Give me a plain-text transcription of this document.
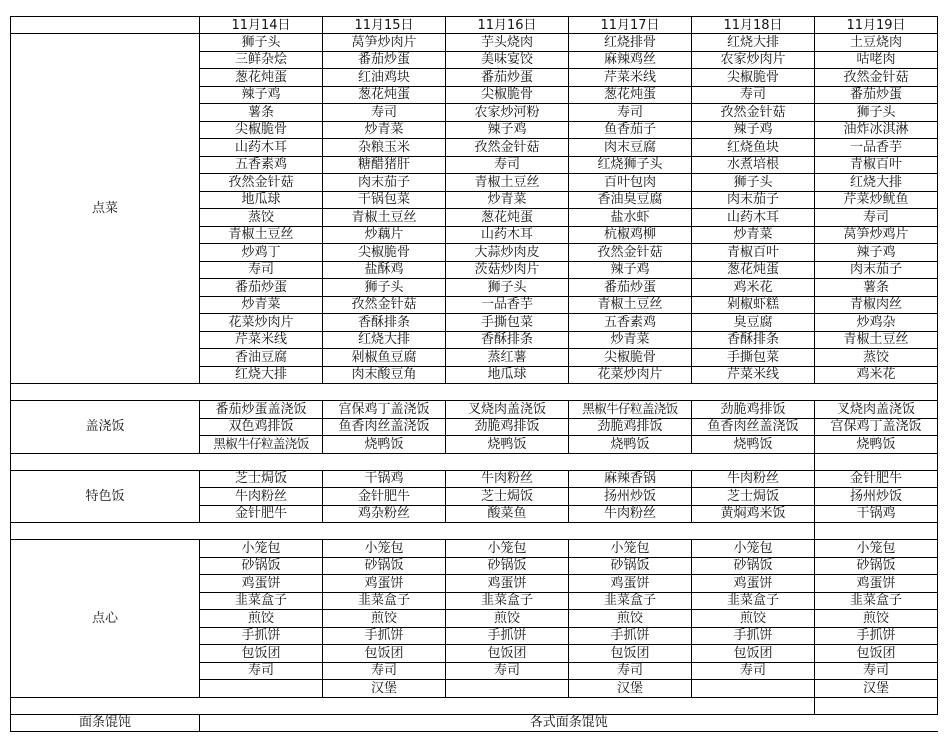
	11月14日	11月15日	11月16日	11月17日	11月18日	11月19日
点菜	狮子头	莴笋炒肉片	芋头烧肉	红烧排骨	红烧大排	土豆烧肉
	三鲜杂烩	番茄炒蛋	美味宴饺	麻辣鸡丝	农家炒肉片	咕咾肉
	葱花炖蛋	红油鸡块	番茄炒蛋	芹菜米线	尖椒脆骨	孜然金针菇
	辣子鸡	葱花炖蛋	尖椒脆骨	葱花炖蛋	寿司	番茄炒蛋
	薯条	寿司	农家炒河粉	寿司	孜然金针菇	狮子头
	尖椒脆骨	炒青菜	辣子鸡	鱼香茄子	辣子鸡	油炸冰淇淋
	山药木耳	杂粮玉米	孜然金针菇	肉末豆腐	红烧鱼块	一品香芋
	五香素鸡	糖醋猪肝	寿司	红烧狮子头	水煮培根	青椒百叶
	孜然金针菇	肉末茄子	青椒土豆丝	百叶包肉	狮子头	红烧大排
	地瓜球	干锅包菜	炒青菜	香油臭豆腐	肉末茄子	芹菜炒鱿鱼
	蒸饺	青椒土豆丝	葱花炖蛋	盐水虾	山药木耳	寿司
	青椒土豆丝	炒藕片	山药木耳	杭椒鸡柳	炒青菜	莴笋炒鸡片
	炒鸡丁	尖椒脆骨	大蒜炒肉皮	孜然金针菇	青椒百叶	辣子鸡
	寿司	盐酥鸡	茨菇炒肉片	辣子鸡	葱花炖蛋	肉末茄子
	番茄炒蛋	狮子头	狮子头	番茄炒蛋	鸡米花	薯条
	炒青菜	孜然金针菇	一品香芋	青椒土豆丝	剁椒虾糕	青椒肉丝
	花菜炒肉片	香酥排条	手撕包菜	五香素鸡	臭豆腐	炒鸡杂
	芹菜米线	红烧大排	香酥排条	炒青菜	香酥排条	青椒土豆丝
	香油豆腐	剁椒鱼豆腐	蒸红薯	尖椒脆骨	手撕包菜	蒸饺
	红烧大排	肉末酸豆角	地瓜球	花菜炒肉片	芹菜米线	鸡米花

盖浇饭	番茄炒蛋盖浇饭	宫保鸡丁盖浇饭	叉烧肉盖浇饭	黑椒牛仔粒盖浇饭	劲脆鸡排饭	叉烧肉盖浇饭
	双色鸡排饭	鱼香肉丝盖浇饭	劲脆鸡排饭	劲脆鸡排饭	鱼香肉丝盖浇饭	宫保鸡丁盖浇饭
	黑椒牛仔粒盖浇饭	烧鸭饭	烧鸭饭	烧鸭饭	烧鸭饭	烧鸭饭

特色饭	芝士焗饭	干锅鸡	牛肉粉丝	麻辣香锅	牛肉粉丝	金针肥牛
	牛肉粉丝	金针肥牛	芝士焗饭	扬州炒饭	芝士焗饭	扬州炒饭
	金针肥牛	鸡杂粉丝	酸菜鱼	牛肉粉丝	黄焖鸡米饭	干锅鸡

点心	小笼包	小笼包	小笼包	小笼包	小笼包	小笼包
	砂锅饭	砂锅饭	砂锅饭	砂锅饭	砂锅饭	砂锅饭
	鸡蛋饼	鸡蛋饼	鸡蛋饼	鸡蛋饼	鸡蛋饼	鸡蛋饼
	韭菜盒子	韭菜盒子	韭菜盒子	韭菜盒子	韭菜盒子	韭菜盒子
	煎饺	煎饺	煎饺	煎饺	煎饺	煎饺
	手抓饼	手抓饼	手抓饼	手抓饼	手抓饼	手抓饼
	包饭团	包饭团	包饭团	包饭团	包饭团	包饭团
	寿司	寿司	寿司	寿司	寿司	寿司
		汉堡		汉堡		汉堡

面条馄饨	各式面条馄饨					
